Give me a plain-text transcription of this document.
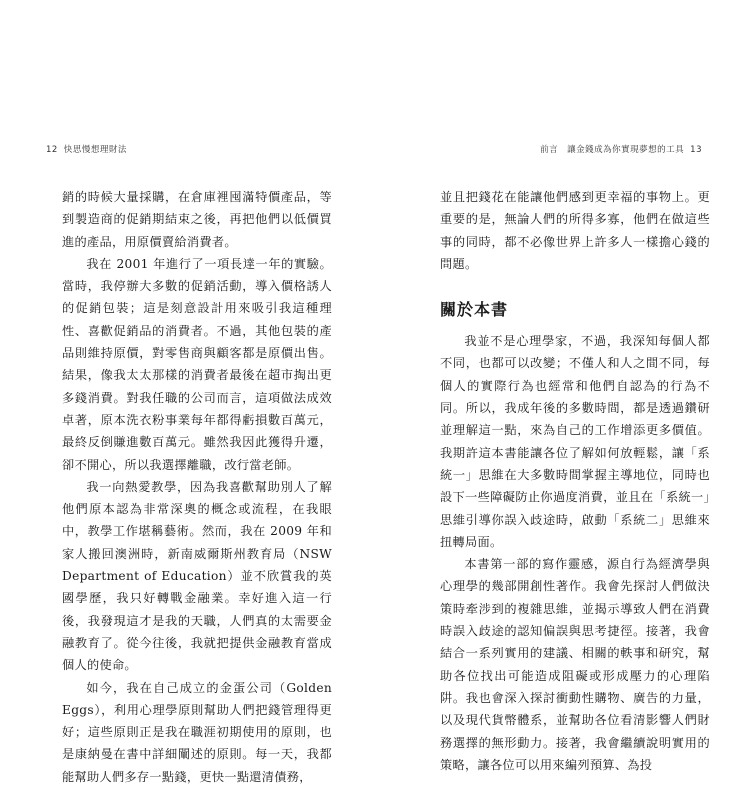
12 快思慢想理財法	前言　讓金錢成為你實現夢想的工具 13

銷的時候大量採購，在倉庫裡囤滿特價產品，等到製造商的促銷期結束之後，再把他們以低價買進的產品，用原價賣給消費者。

我在 2001 年進行了一項長達一年的實驗。當時，我停辦大多數的促銷活動，導入價格誘人的促銷包裝；這是刻意設計用來吸引我這種理性、喜歡促銷品的消費者。不過，其他包裝的產品則維持原價，對零售商與顧客都是原價出售。結果，像我太太那樣的消費者最後在超市掏出更多錢消費。對我任職的公司而言，這項做法成效卓著，原本洗衣粉事業每年都得虧損數百萬元，最終反倒賺進數百萬元。雖然我因此獲得升遷，卻不開心，所以我選擇離職，改行當老師。

我一向熱愛教學，因為我喜歡幫助別人了解他們原本認為非常深奧的概念或流程，在我眼中，教學工作堪稱藝術。然而，我在 2009 年和家人搬回澳洲時，新南威爾斯州教育局（NSW Department of Education）並不欣賞我的英國學歷，我只好轉戰金融業。幸好進入這一行後，我發現這才是我的天職，人們真的太需要金融教育了。從今往後，我就把提供金融教育當成個人的使命。

如今，我在自己成立的金蛋公司（Golden Eggs），利用心理學原則幫助人們把錢管理得更好；這些原則正是我在職涯初期使用的原則，也是康納曼在書中詳細闡述的原則。每一天，我都能幫助人們多存一點錢，更快一點還清債務，

並且把錢花在能讓他們感到更幸福的事物上。更重要的是，無論人們的所得多寡，他們在做這些事的同時，都不必像世界上許多人一樣擔心錢的問題。

關於本書

我並不是心理學家，不過，我深知每個人都不同，也都可以改變；不僅人和人之間不同，每個人的實際行為也經常和他們自認為的行為不同。所以，我成年後的多數時間，都是透過鑽研並理解這一點，來為自己的工作增添更多價值。我期許這本書能讓各位了解如何放輕鬆，讓「系統一」思維在大多數時間掌握主導地位，同時也設下一些障礙防止你過度消費，並且在「系統一」思維引導你誤入歧途時，啟動「系統二」思維來扭轉局面。

本書第一部的寫作靈感，源自行為經濟學與心理學的幾部開創性著作。我會先探討人們做決策時牽涉到的複雜思維，並揭示導致人們在消費時誤入歧途的認知偏誤與思考捷徑。接著，我會結合一系列實用的建議、相關的軼事和研究，幫助各位找出可能造成阻礙或形成壓力的心理陷阱。我也會深入探討衝動性購物、廣告的力量，以及現代貨幣體系，並幫助各位看清影響人們財務選擇的無形動力。接著，我會繼續說明實用的策略，讓各位可以用來編列預算、為投
